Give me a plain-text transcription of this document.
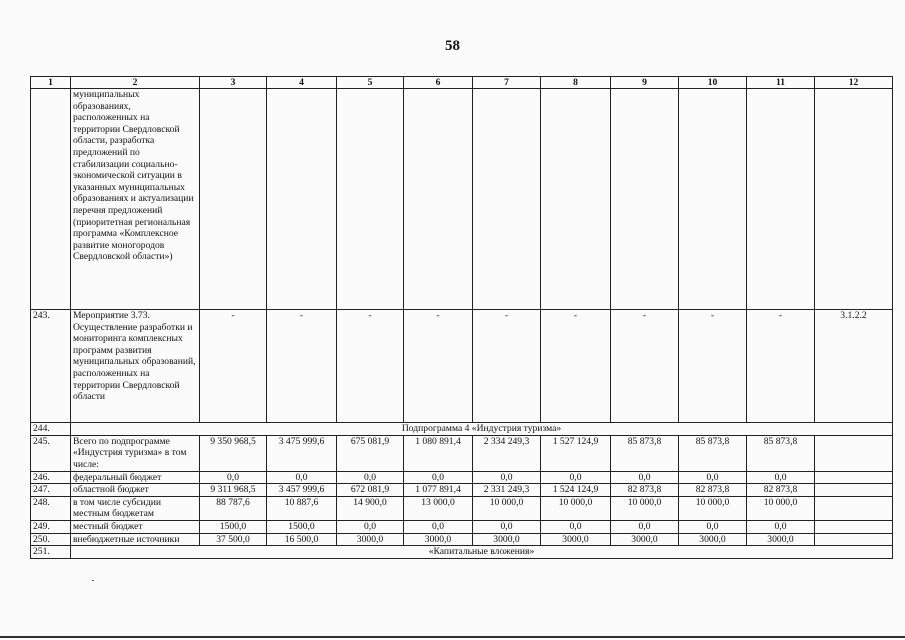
58
1	2	3	4	5	6	7	8	9	10	11	12
	муниципальных образованиях, расположенных на территории Свердловской области, разработка предложений по стабилизации социально-экономической ситуации в указанных муниципальных образованиях и актуализации перечня предложений (приоритетная региональная программа «Комплексное развитие моногородов Свердловской области»)										
243.	Мероприятие 3.73. Осуществление разработки и мониторинга комплексных программ развития муниципальных образований, расположенных на территории Свердловской области	-	-	-	-	-	-	-	-	-	3.1.2.2
244.	Подпрограмма 4 «Индустрия туризма»										
245.	Всего по подпрограмме «Индустрия туризма» в том числе:	9 350 968,5	3 475 999,6	675 081,9	1 080 891,4	2 334 249,3	1 527 124,9	85 873,8	85 873,8	85 873,8	
246.	федеральный бюджет	0,0	0,0	0,0	0,0	0,0	0,0	0,0	0,0	0,0	
247.	областной бюджет	9 311 968,5	3 457 999,6	672 081,9	1 077 891,4	2 331 249,3	1 524 124,9	82 873,8	82 873,8	82 873,8	
248.	в том числе субсидии местным бюджетам	88 787,6	10 887,6	14 900,0	13 000,0	10 000,0	10 000,0	10 000,0	10 000,0	10 000,0	
249.	местный бюджет	1500,0	1500,0	0,0	0,0	0,0	0,0	0,0	0,0	0,0	
250.	внебюджетные источники	37 500,0	16 500,0	3000,0	3000,0	3000,0	3000,0	3000,0	3000,0	3000,0	
251.	«Капитальные вложения»										
